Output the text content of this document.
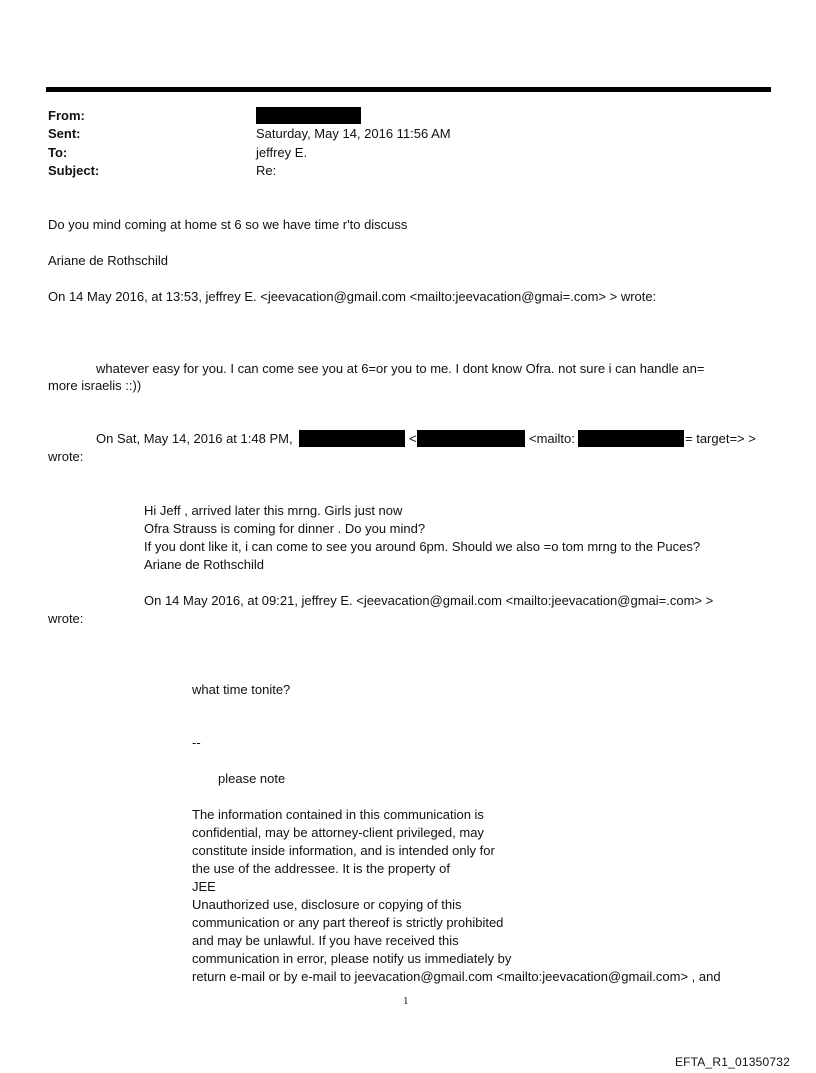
From:
Sent:	Saturday, May 14, 2016 11:56 AM
To:	jeffrey E.
Subject:	Re:
Do you mind coming at home st 6 so we have time r'to discuss
Ariane de Rothschild
On 14 May 2016, at 13:53, jeffrey E. <jeevacation@gmail.com <mailto:jeevacation@gmai=.com> > wrote:
whatever easy for you. I can come see you at 6=or you to me. I dont know Ofra. not sure i can handle an=
more israelis ::))
On Sat, May 14, 2016 at 1:48 PM,	<	<mailto:	= target=> >
wrote:
Hi Jeff , arrived later this mrng. Girls just now
Ofra Strauss is coming for dinner . Do you mind?
If you dont like it, i can come to see you around 6pm. Should we also =o tom mrng to the Puces?
Ariane de Rothschild
On 14 May 2016, at 09:21, jeffrey E. <jeevacation@gmail.com <mailto:jeevacation@gmai=.com> >
wrote:
what time tonite?
--
please note
The information contained in this communication is
confidential, may be attorney-client privileged, may
constitute inside information, and is intended only for
the use of the addressee. It is the property of
JEE
Unauthorized use, disclosure or copying of this
communication or any part thereof is strictly prohibited
and may be unlawful. If you have received this
communication in error, please notify us immediately by
return e-mail or by e-mail to jeevacation@gmail.com <mailto:jeevacation@gmail.com> , and
1
EFTA_R1_01350732
